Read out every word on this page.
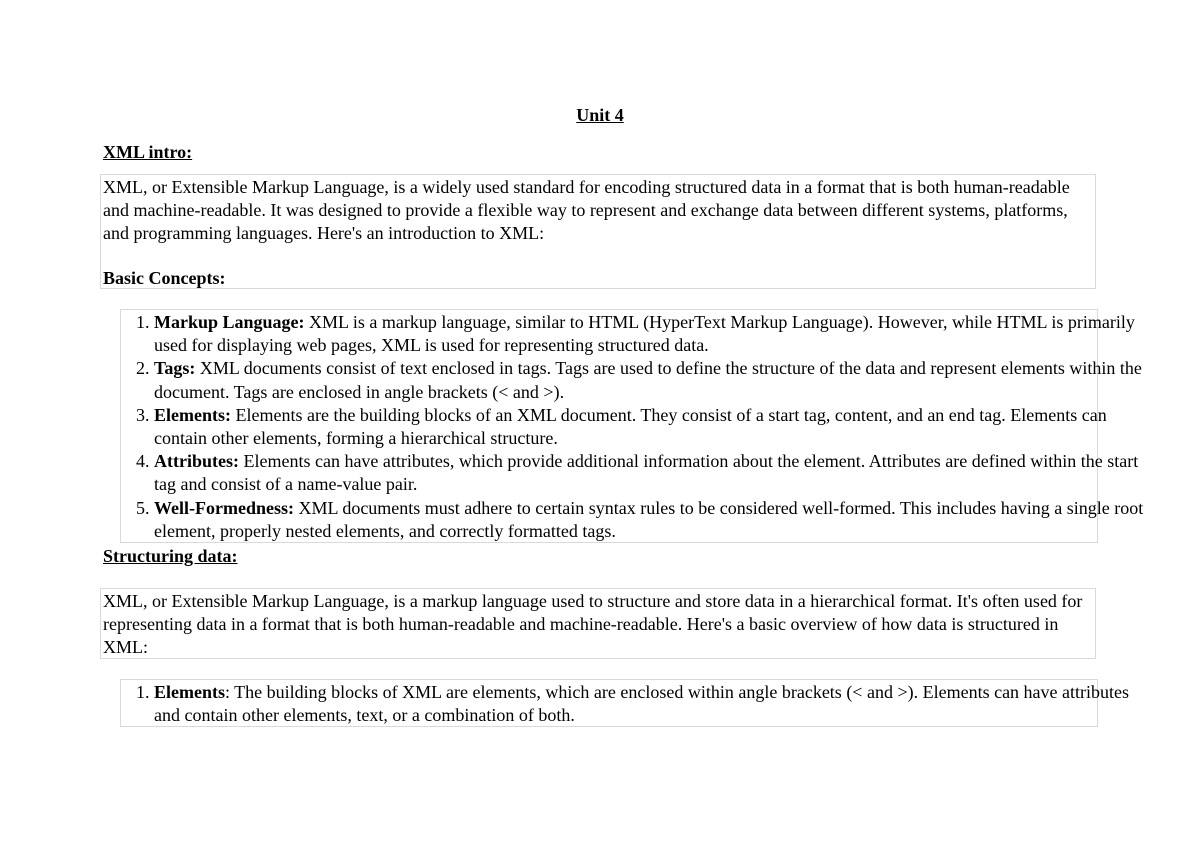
Unit 4
XML intro:

XML, or Extensible Markup Language, is a widely used standard for encoding structured data in a format that is both human-readable and machine-readable. It was designed to provide a flexible way to represent and exchange data between different systems, platforms, and programming languages. Here's an introduction to XML:

Basic Concepts:
1. Markup Language: XML is a markup language, similar to HTML (HyperText Markup Language). However, while HTML is primarily used for displaying web pages, XML is used for representing structured data.
2. Tags: XML documents consist of text enclosed in tags. Tags are used to define the structure of the data and represent elements within the document. Tags are enclosed in angle brackets (< and >).
3. Elements: Elements are the building blocks of an XML document. They consist of a start tag, content, and an end tag. Elements can contain other elements, forming a hierarchical structure.
4. Attributes: Elements can have attributes, which provide additional information about the element. Attributes are defined within the start tag and consist of a name-value pair.
5. Well-Formedness: XML documents must adhere to certain syntax rules to be considered well-formed. This includes having a single root element, properly nested elements, and correctly formatted tags.
Structuring data:

XML, or Extensible Markup Language, is a markup language used to structure and store data in a hierarchical format. It's often used for representing data in a format that is both human-readable and machine-readable. Here's a basic overview of how data is structured in XML:

1. Elements: The building blocks of XML are elements, which are enclosed within angle brackets (< and >). Elements can have attributes and contain other elements, text, or a combination of both.
